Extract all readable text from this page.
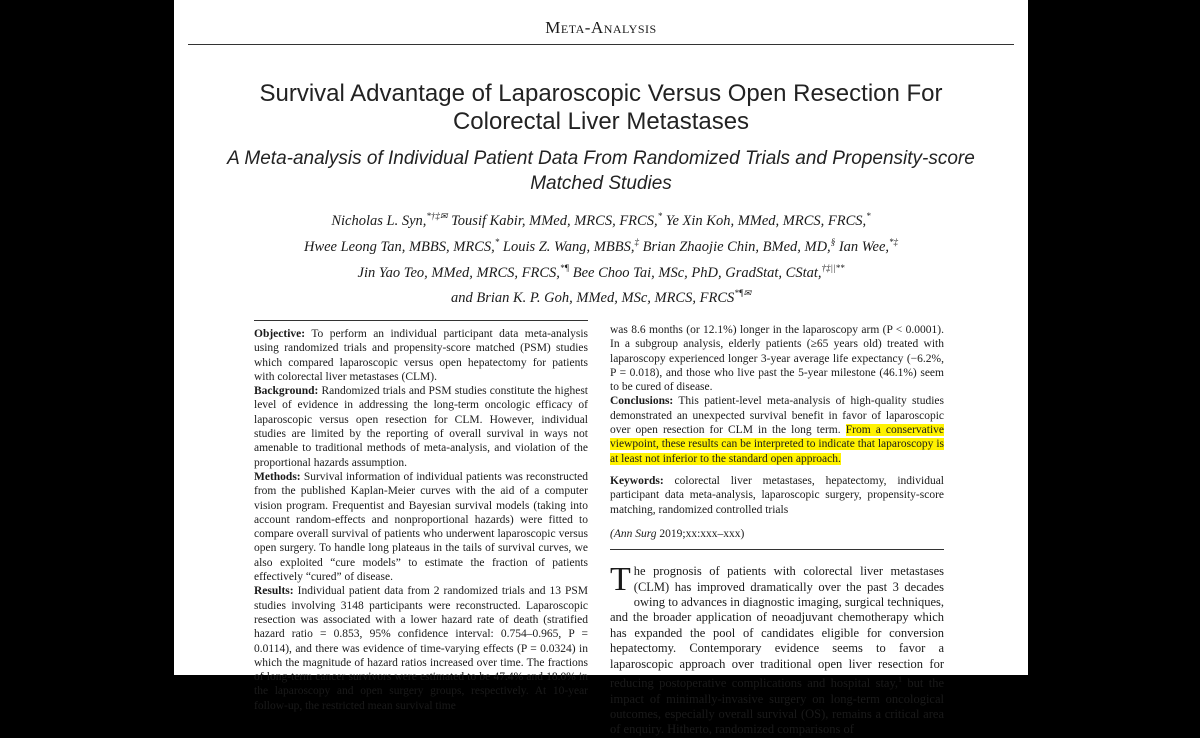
Meta-Analysis
Survival Advantage of Laparoscopic Versus Open Resection For Colorectal Liver Metastases
A Meta-analysis of Individual Patient Data From Randomized Trials and Propensity-score Matched Studies
Nicholas L. Syn,*†‡✉ Tousif Kabir, MMed, MRCS, FRCS,* Ye Xin Koh, MMed, MRCS, FRCS,*
Hwee Leong Tan, MBBS, MRCS,* Louis Z. Wang, MBBS,‡ Brian Zhaojie Chin, BMed, MD,§ Ian Wee,*‡
Jin Yao Teo, MMed, MRCS, FRCS,*¶ Bee Choo Tai, MSc, PhD, GradStat, CStat,†‡||**
and Brian K. P. Goh, MMed, MSc, MRCS, FRCS*¶✉

Objective: To perform an individual participant data meta-analysis using randomized trials and propensity-score matched (PSM) studies which compared laparoscopic versus open hepatectomy for patients with colorectal liver metastases (CLM).

Background: Randomized trials and PSM studies constitute the highest level of evidence in addressing the long-term oncologic efficacy of laparoscopic versus open resection for CLM. However, individual studies are limited by the reporting of overall survival in ways not amenable to traditional methods of meta-analysis, and violation of the proportional hazards assumption.

Methods: Survival information of individual patients was reconstructed from the published Kaplan-Meier curves with the aid of a computer vision program. Frequentist and Bayesian survival models (taking into account random-effects and nonproportional hazards) were fitted to compare overall survival of patients who underwent laparoscopic versus open surgery. To handle long plateaus in the tails of survival curves, we also exploited “cure models” to estimate the fraction of patients effectively “cured” of disease.

Results: Individual patient data from 2 randomized trials and 13 PSM studies involving 3148 participants were reconstructed. Laparoscopic resection was associated with a lower hazard rate of death (stratified hazard ratio = 0.853, 95% confidence interval: 0.754–0.965, P = 0.0114), and there was evidence of time-varying effects (P = 0.0324) in which the magnitude of hazard ratios increased over time. The fractions of long-term cancer survivors were estimated to be 47.4% and 18.0% in the laparoscopy and open surgery groups, respectively. At 10-year follow-up, the restricted mean survival time

was 8.6 months (or 12.1%) longer in the laparoscopy arm (P < 0.0001). In a subgroup analysis, elderly patients (≥65 years old) treated with laparoscopy experienced longer 3-year average life expectancy (−6.2%, P = 0.018), and those who live past the 5-year milestone (46.1%) seem to be cured of disease.

Conclusions: This patient-level meta-analysis of high-quality studies demonstrated an unexpected survival benefit in favor of laparoscopic over open resection for CLM in the long term. From a conservative viewpoint, these results can be interpreted to indicate that laparoscopy is at least not inferior to the standard open approach.

Keywords: colorectal liver metastases, hepatectomy, individual participant data meta-analysis, laparoscopic surgery, propensity-score matching, randomized controlled trials

(Ann Surg 2019;xx:xxx–xxx)

The prognosis of patients with colorectal liver metastases (CLM) has improved dramatically over the past 3 decades owing to advances in diagnostic imaging, surgical techniques, and the broader application of neoadjuvant chemotherapy which has expanded the pool of candidates eligible for conversion hepatectomy. Contemporary evidence seems to favor a laparoscopic approach over traditional open liver resection for reducing postoperative complications and hospital stay,$^1$ but the impact of minimally-invasive surgery on long-term oncological outcomes, especially overall survival (OS), remains a critical area of enquiry. Hitherto, randomized comparisons of
